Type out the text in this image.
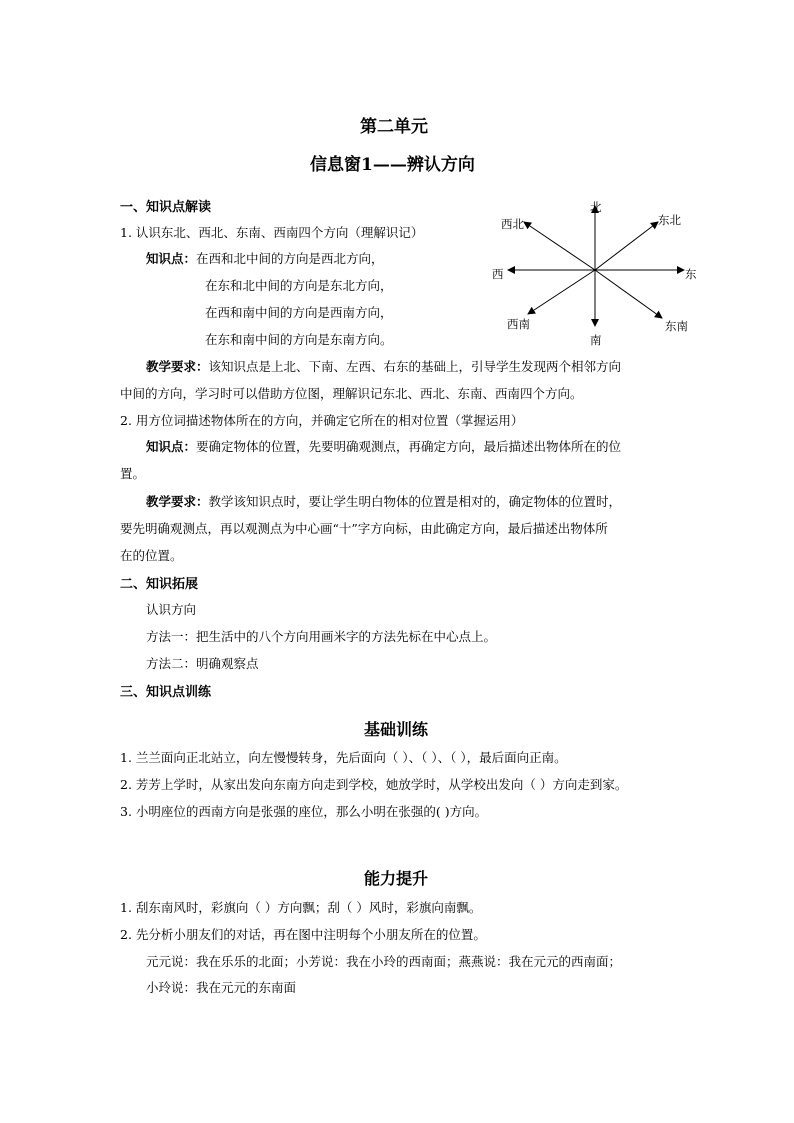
第二单元
信息窗1——辨认方向
一、知识点解读
1. 认识东北、西北、东南、西南四个方向（理解识记）
知识点：在西和北中间的方向是西北方向，
在东和北中间的方向是东北方向，
在西和南中间的方向是西南方向，
在东和南中间的方向是东南方向。
教学要求：该知识点是上北、下南、左西、右东的基础上，引导学生发现两个相邻方向
中间的方向，学习时可以借助方位图，理解识记东北、西北、东南、西南四个方向。
2. 用方位词描述物体所在的方向，并确定它所在的相对位置（掌握运用）
知识点：要确定物体的位置，先要明确观测点，再确定方向，最后描述出物体所在的位
置。
教学要求：教学该知识点时，要让学生明白物体的位置是相对的，确定物体的位置时，
要先明确观测点，再以观测点为中心画“十”字方向标，由此确定方向，最后描述出物体所
在的位置。
北
南
东
西
东北
西北
东南
西南
二、知识拓展
认识方向
方法一：把生活中的八个方向用画米字的方法先标在中心点上。
方法二：明确观察点
三、知识点训练
基础训练
1. 兰兰面向正北站立，向左慢慢转身，先后面向（ ）、（ ）、（ ），最后面向正南。
2. 芳芳上学时，从家出发向东南方向走到学校，她放学时，从学校出发向（ ）方向走到家。
3. 小明座位的西南方向是张强的座位，那么小明在张强的( )方向。
能力提升
1. 刮东南风时，彩旗向（ ）方向飘；刮（ ）风时，彩旗向南飘。
2. 先分析小朋友们的对话，再在图中注明每个小朋友所在的位置。
元元说：我在乐乐的北面；小芳说：我在小玲的西南面；燕燕说：我在元元的西南面；
小玲说：我在元元的东南面
